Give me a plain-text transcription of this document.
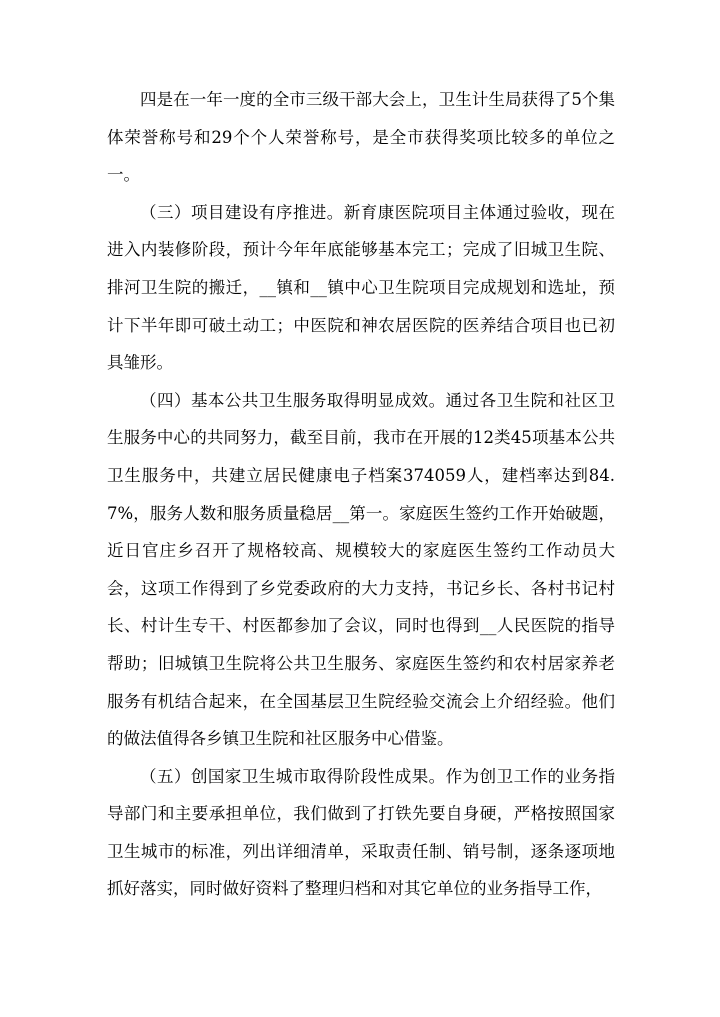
四是在一年一度的全市三级干部大会上，卫生计生局获得了5个集体荣誉称号和29个个人荣誉称号，是全市获得奖项比较多的单位之一。

（三）项目建设有序推进。新育康医院项目主体通过验收，现在进入内装修阶段，预计今年年底能够基本完工；完成了旧城卫生院、排河卫生院的搬迁，__镇和__镇中心卫生院项目完成规划和选址，预计下半年即可破土动工；中医院和神农居医院的医养结合项目也已初具雏形。

（四）基本公共卫生服务取得明显成效。通过各卫生院和社区卫生服务中心的共同努力，截至目前，我市在开展的12类45项基本公共卫生服务中，共建立居民健康电子档案374059人，建档率达到84.7%，服务人数和服务质量稳居__第一。家庭医生签约工作开始破题，近日官庄乡召开了规格较高、规模较大的家庭医生签约工作动员大会，这项工作得到了乡党委政府的大力支持，书记乡长、各村书记村长、村计生专干、村医都参加了会议，同时也得到__人民医院的指导帮助；旧城镇卫生院将公共卫生服务、家庭医生签约和农村居家养老服务有机结合起来，在全国基层卫生院经验交流会上介绍经验。他们的做法值得各乡镇卫生院和社区服务中心借鉴。

（五）创国家卫生城市取得阶段性成果。作为创卫工作的业务指导部门和主要承担单位，我们做到了打铁先要自身硬，严格按照国家卫生城市的标准，列出详细清单，采取责任制、销号制，逐条逐项地抓好落实，同时做好资料了整理归档和对其它单位的业务指导工作，
